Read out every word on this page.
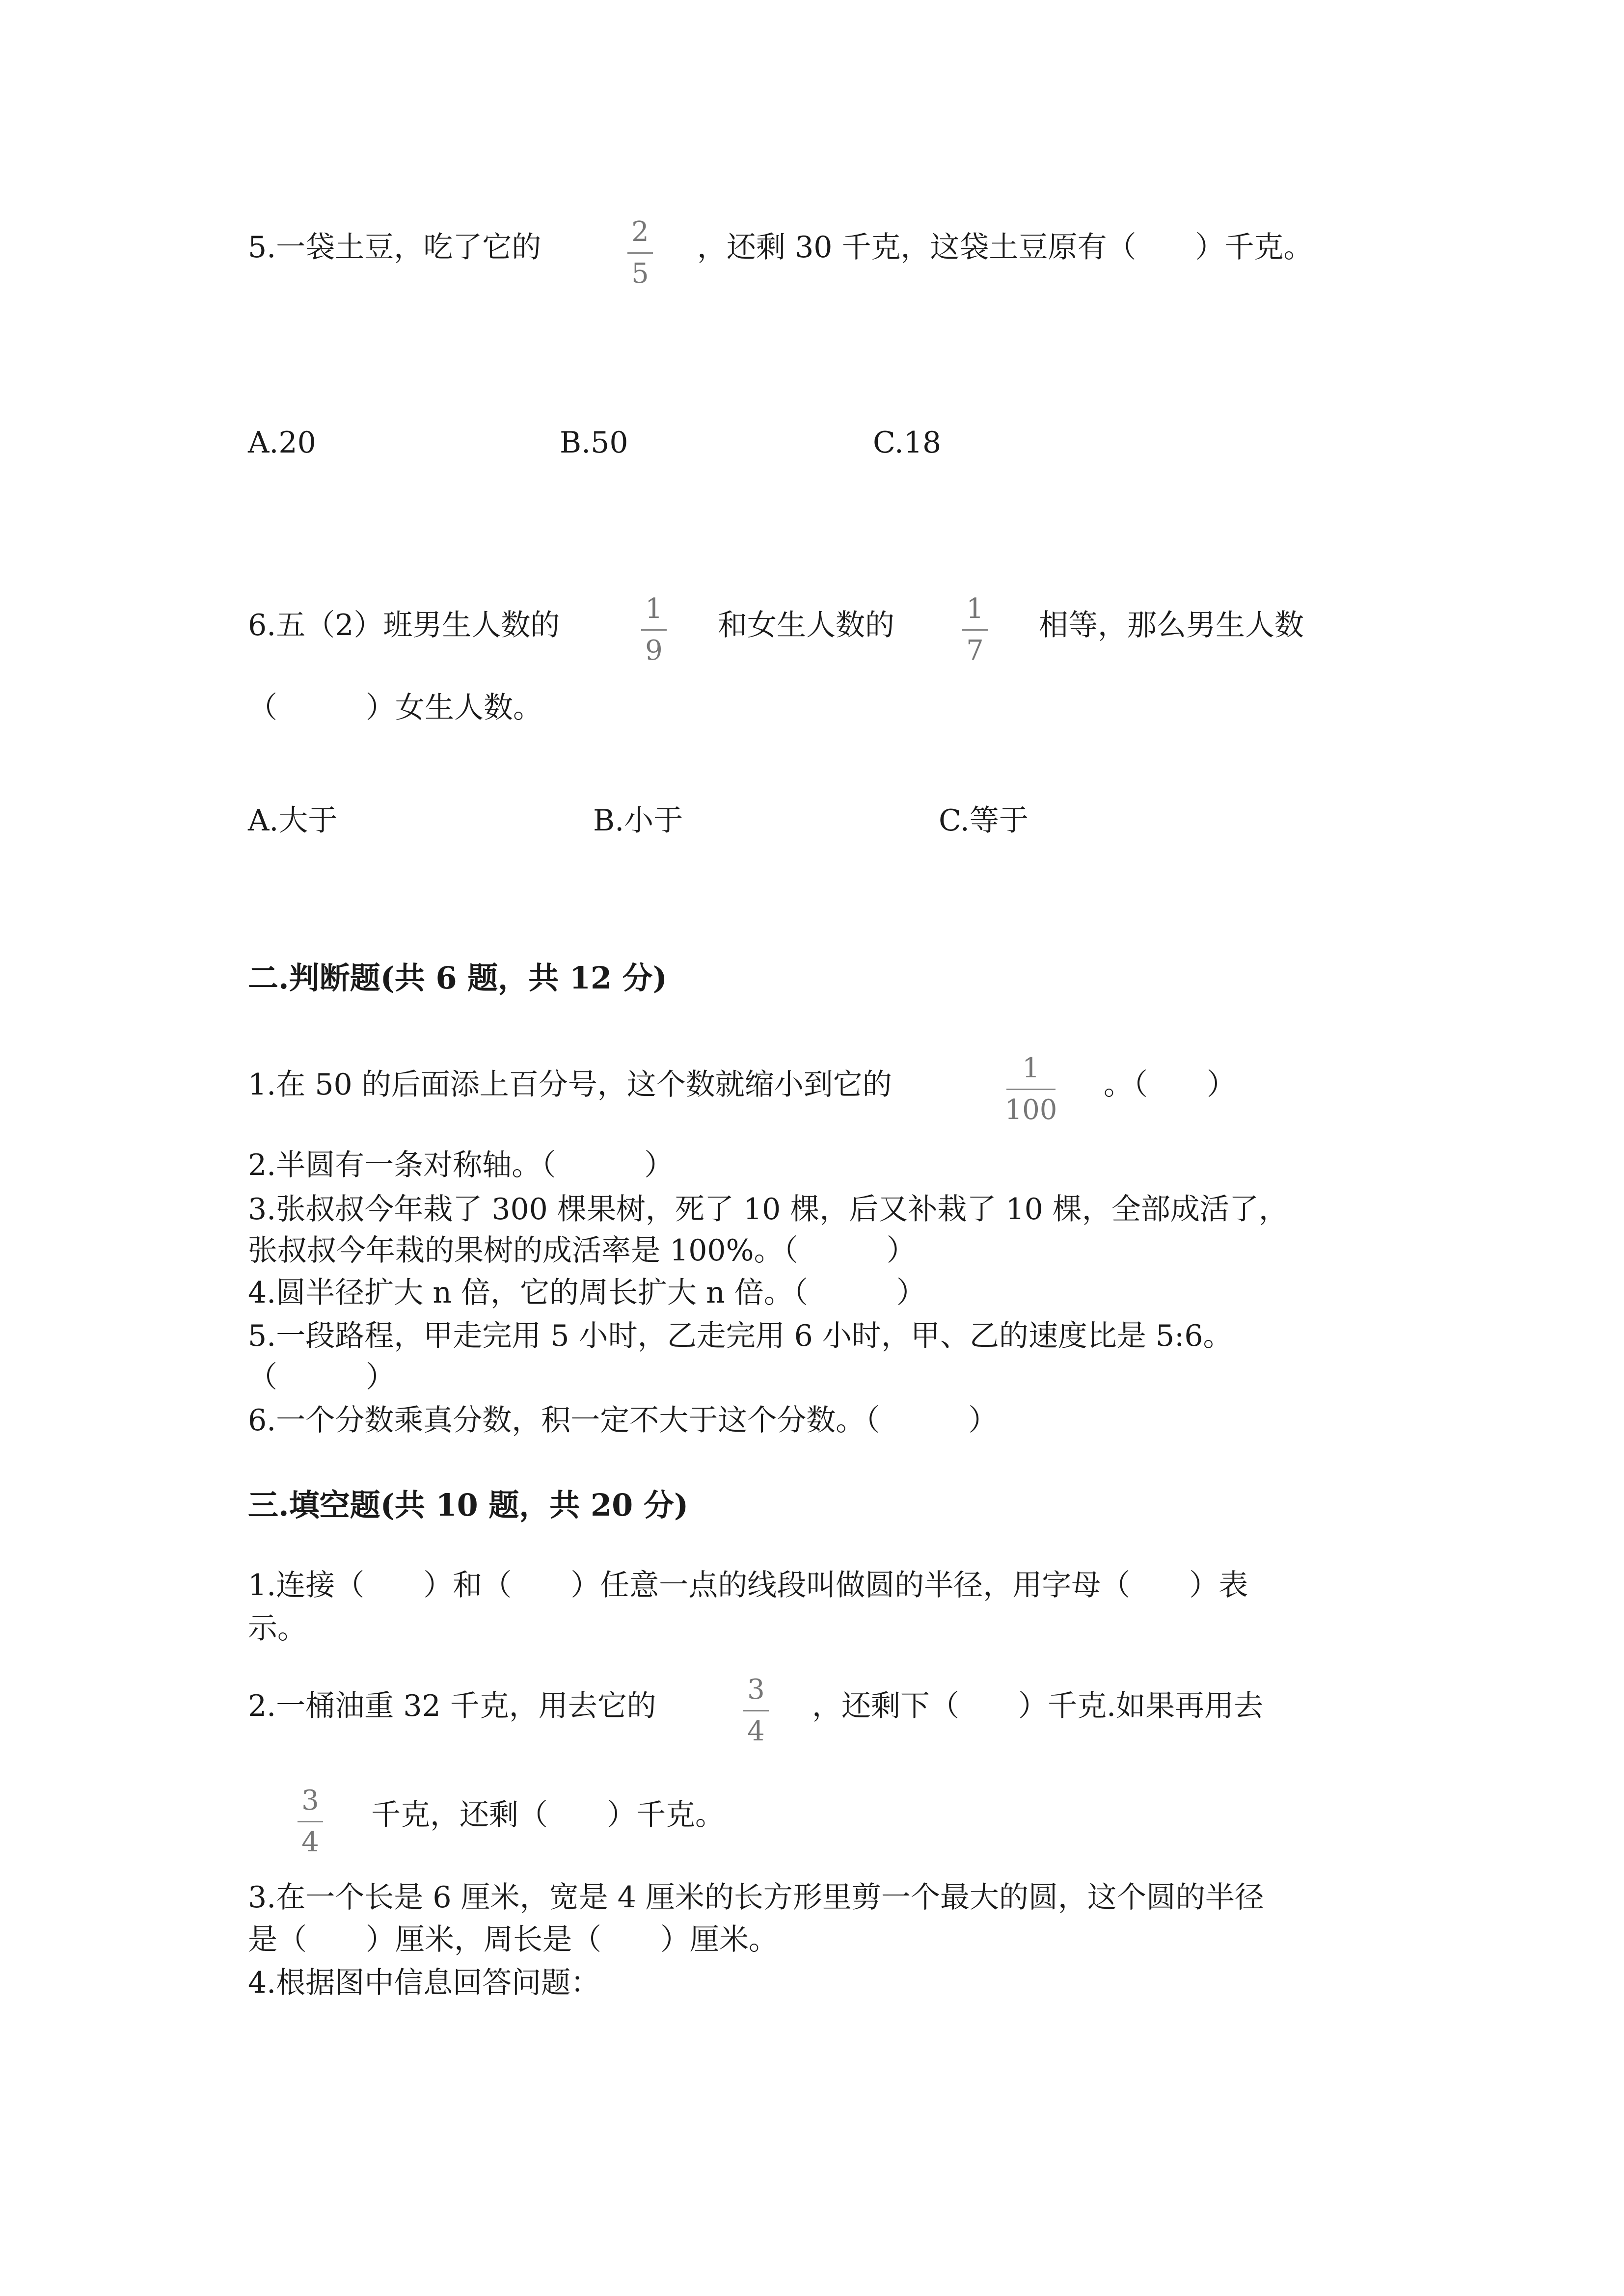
5.一袋土豆，吃了它的	2
5
，还剩 30 千克，这袋土豆原有（　　）千克。
A.20	B.50	C.18
6.五（2）班男生人数的	1
9
和女生人数的	1
7
相等，那么男生人数
（　　　）女生人数。
A.大于	B.小于	C.等于
二.判断题(共 6 题，共 12 分)
1.在 50 的后面添上百分号，这个数就缩小到它的	1
100
。（　　）
2.半圆有一条对称轴。（　　　）
3.张叔叔今年栽了 300 棵果树，死了 10 棵，后又补栽了 10 棵，全部成活了，
张叔叔今年栽的果树的成活率是 100%。（　　　）
4.圆半径扩大 n 倍，它的周长扩大 n 倍。（　　　）
5.一段路程，甲走完用 5 小时，乙走完用 6 小时，甲、乙的速度比是 5:6。
（　　　）
6.一个分数乘真分数，积一定不大于这个分数。（　　　）
三.填空题(共 10 题，共 20 分)
1.连接（　　）和（　　）任意一点的线段叫做圆的半径，用字母（　　）表
示。
2.一桶油重 32 千克，用去它的	3
4
，还剩下（　　）千克.如果再用去
3
4
千克，还剩（　　）千克。
3.在一个长是 6 厘米，宽是 4 厘米的长方形里剪一个最大的圆，这个圆的半径
是（　　）厘米，周长是（　　）厘米。
4.根据图中信息回答问题：
